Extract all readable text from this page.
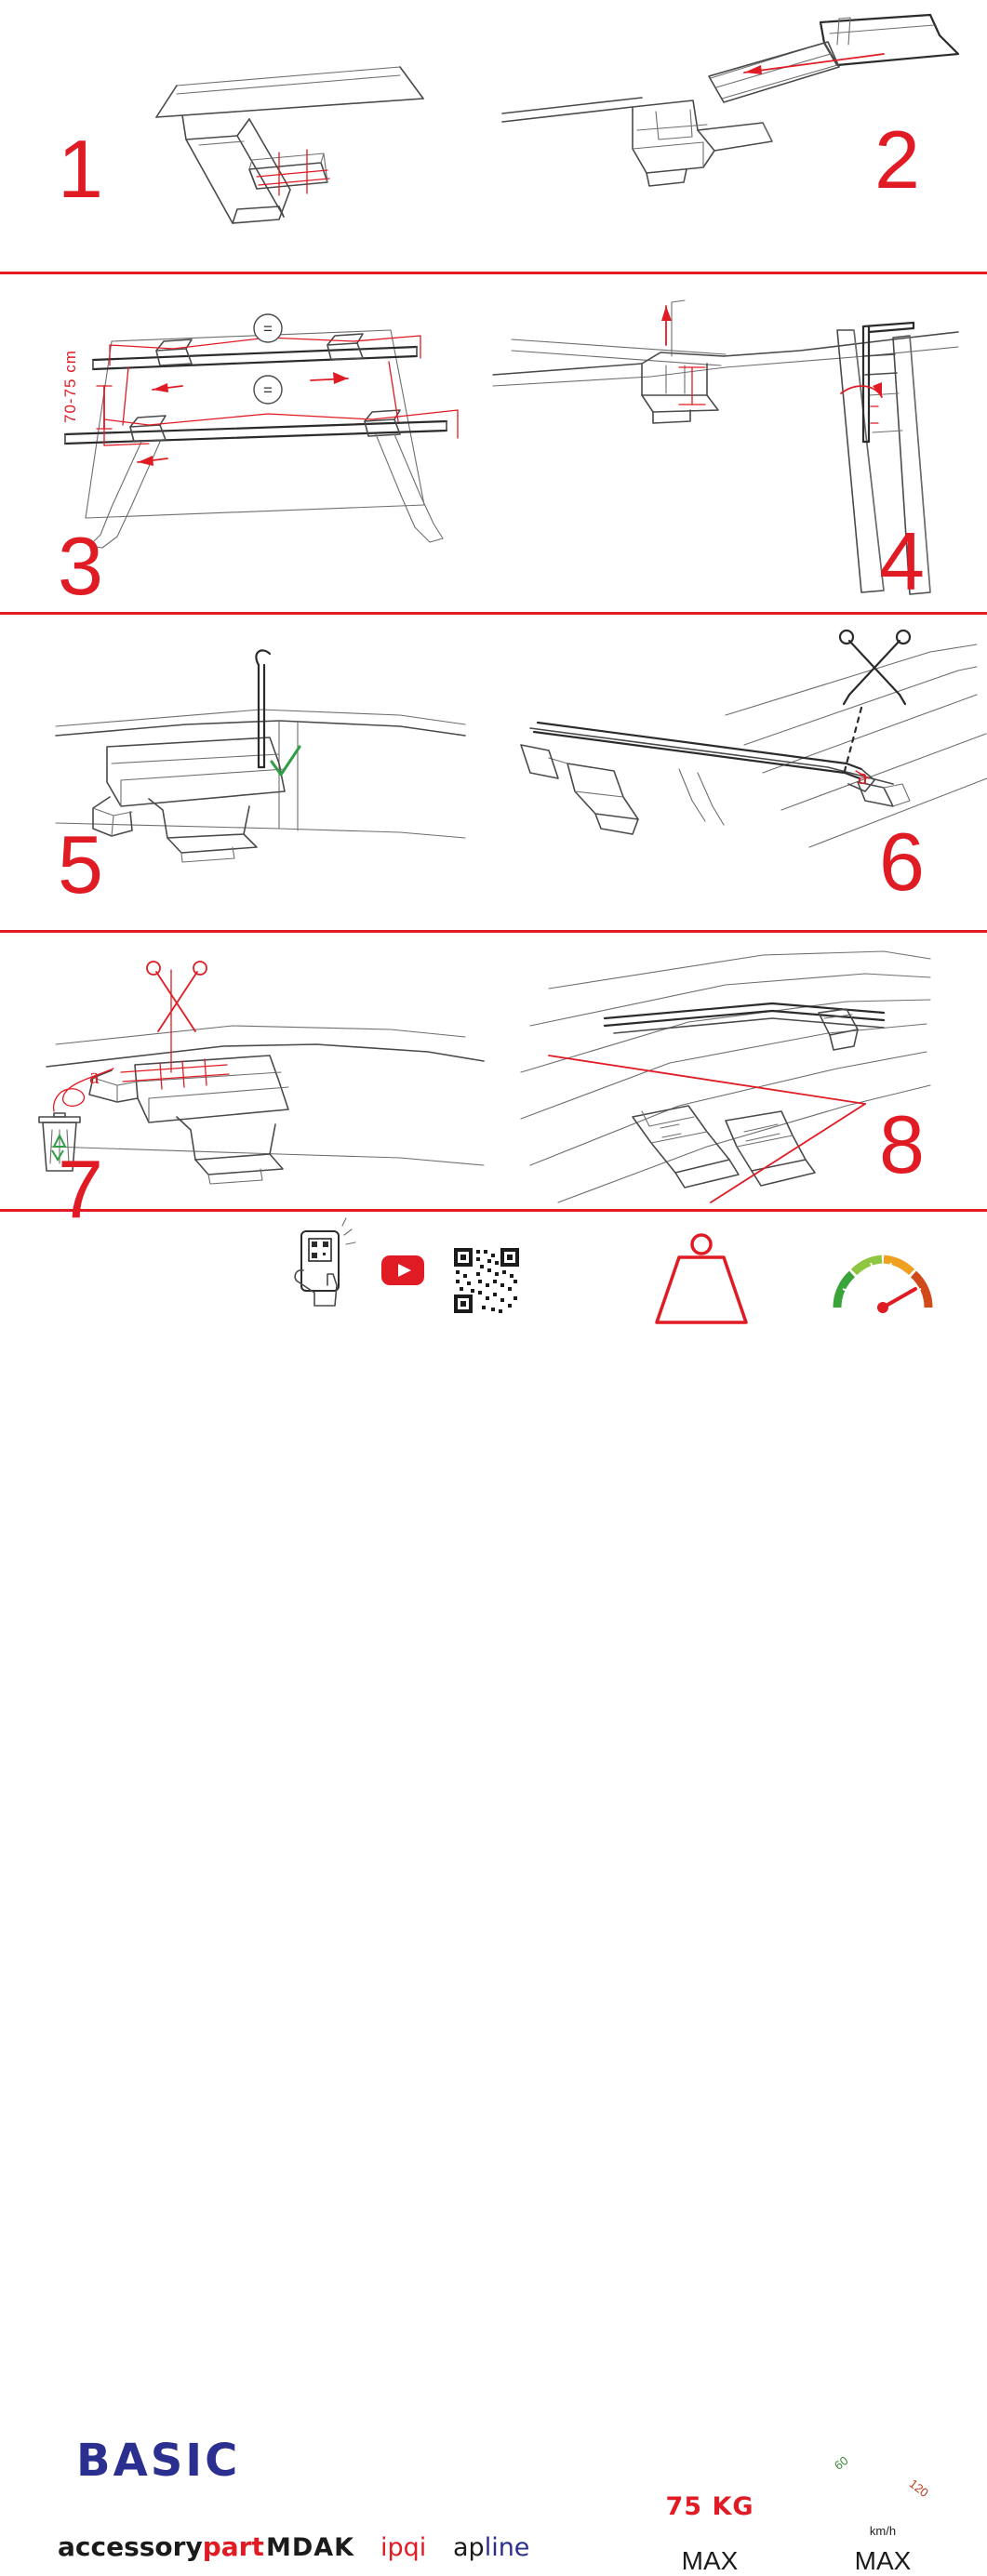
1	2
=
=
70-75 cm
3	4
5
a
6
a
7	8
BASIC
accessorypart MDAK ipqi apline
75 KG
MAX
km/h
MAX
60
120
